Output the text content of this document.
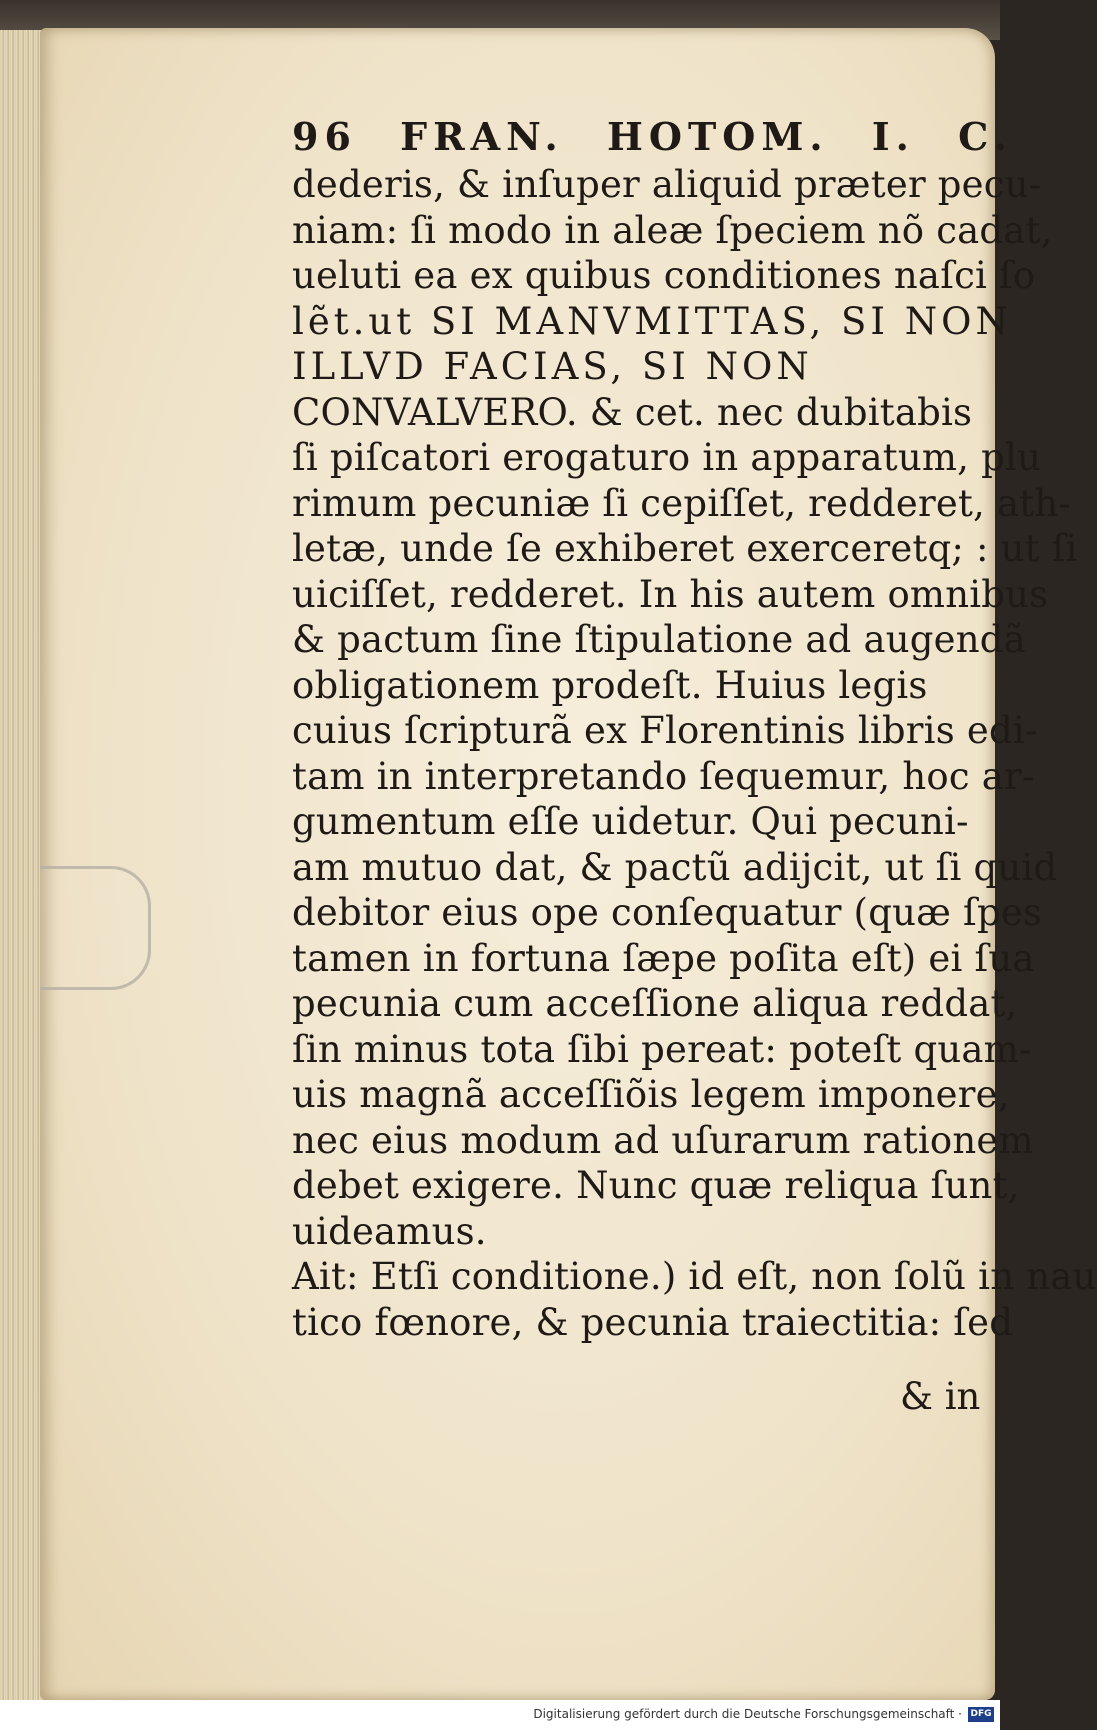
96 FRAN. HOTOM. I. C.
dederis, & inſuper aliquid præter pecu-
niam: ſi modo in aleæ ſpeciem nõ cadat,
ueluti ea ex quibus conditiones naſci ſo
lẽt.ut SI MANVMITTAS, SI NON
ILLVD FACIAS, SI NON
CONVALVERO. & cet. nec dubitabis
ſi piſcatori erogaturo in apparatum, plu
rimum pecuniæ ſi cepiſſet, redderet, ath-
letæ, unde ſe exhiberet exerceretq; : ut ſi
uiciſſet, redderet. In his autem omnibus
& pactum ſine ſtipulatione ad augendã
obligationem prodeſt. Huius legis
cuius ſcripturã ex Florentinis libris edi-
tam in interpretando ſequemur, hoc ar-
gumentum eſſe uidetur. Qui pecuni-
am mutuo dat, & pactũ adijcit, ut ſi quid
debitor eius ope conſequatur (quæ ſpes
tamen in fortuna ſæpe poſita eſt) ei ſua
pecunia cum acceſſione aliqua reddat,
ſin minus tota ſibi pereat: poteſt quam-
uis magnã acceſſiõis legem imponere,
nec eius modum ad uſurarum rationem
debet exigere. Nunc quæ reliqua ſunt,
uideamus.
Ait: Etſi conditione.) id eſt, non ſolũ in nau
tico fœnore, & pecunia traiectitia: ſed
& in
Digitalisierung gefördert durch die Deutsche Forschungsgemeinschaft · DFG
